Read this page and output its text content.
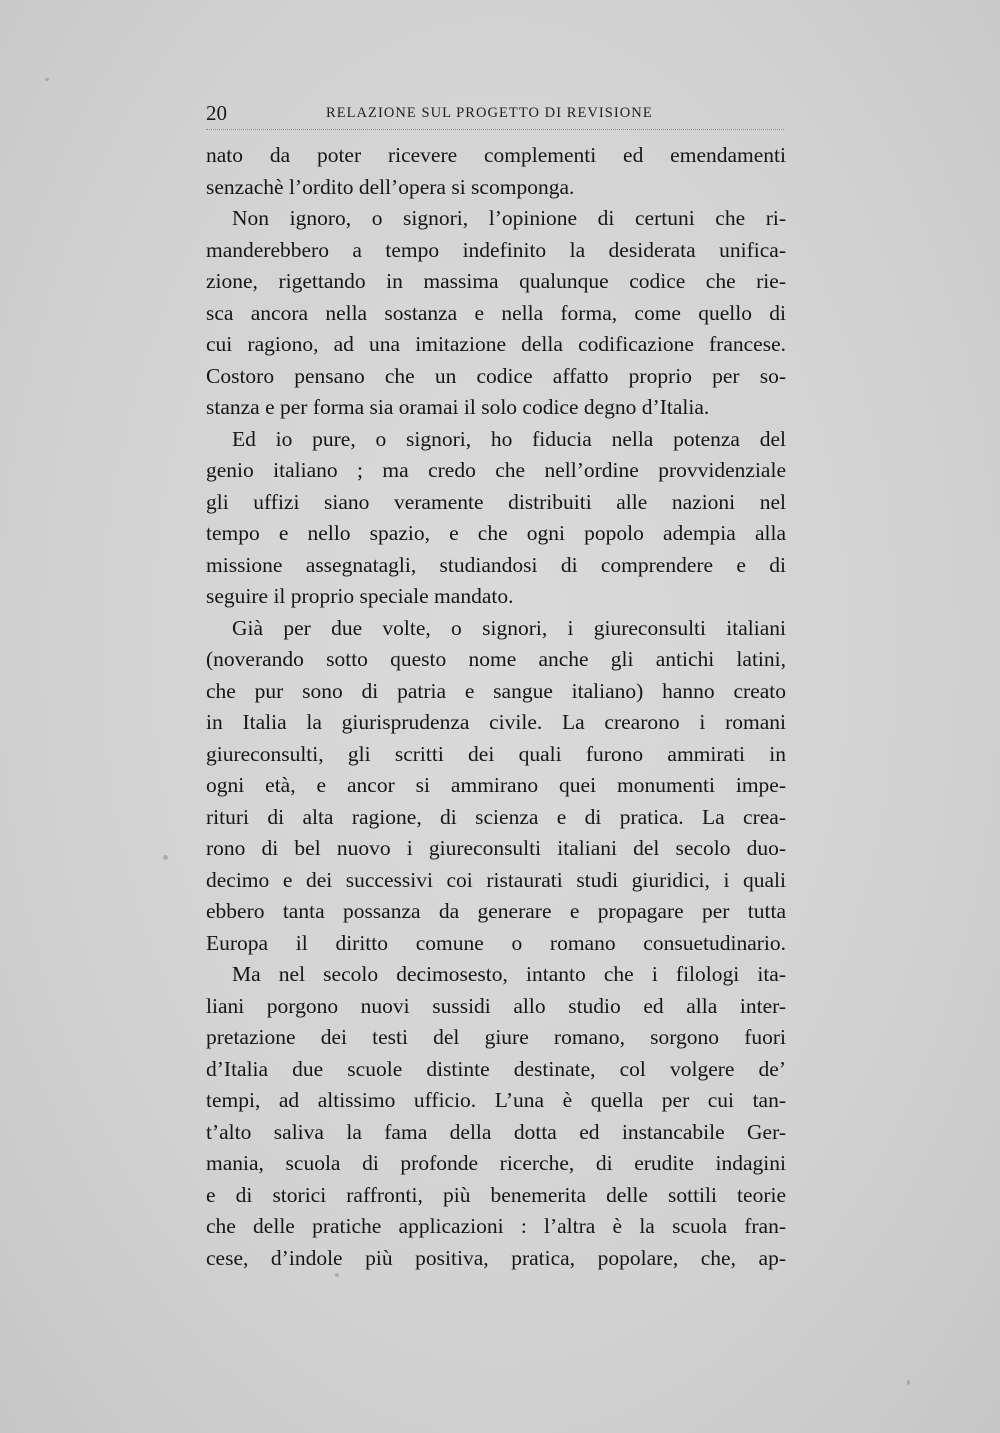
20	RELAZIONE SUL PROGETTO DI REVISIONE
nato da poter ricevere complementi ed emendamenti
senzachè l’ordito dell’opera si scomponga.
Non ignoro, o signori, l’opinione di certuni che ri-
manderebbero a tempo indefinito la desiderata unifica-
zione, rigettando in massima qualunque codice che rie-
sca ancora nella sostanza e nella forma, come quello di
cui ragiono, ad una imitazione della codificazione francese.
Costoro pensano che un codice affatto proprio per so-
stanza e per forma sia oramai il solo codice degno d’Italia.
Ed io pure, o signori, ho fiducia nella potenza del
genio italiano ; ma credo che nell’ordine provvidenziale
gli uffizi siano veramente distribuiti alle nazioni nel
tempo e nello spazio, e che ogni popolo adempia alla
missione assegnatagli, studiandosi di comprendere e di
seguire il proprio speciale mandato.
Già per due volte, o signori, i giureconsulti italiani
(noverando sotto questo nome anche gli antichi latini,
che pur sono di patria e sangue italiano) hanno creato
in Italia la giurisprudenza civile. La crearono i romani
giureconsulti, gli scritti dei quali furono ammirati in
ogni età, e ancor si ammirano quei monumenti impe-
rituri di alta ragione, di scienza e di pratica. La crea-
rono di bel nuovo i giureconsulti italiani del secolo duo-
decimo e dei successivi coi ristaurati studi giuridici, i quali
ebbero tanta possanza da generare e propagare per tutta
Europa il diritto comune o romano consuetudinario.
Ma nel secolo decimosesto, intanto che i filologi ita-
liani porgono nuovi sussidi allo studio ed alla inter-
pretazione dei testi del giure romano, sorgono fuori
d’Italia due scuole distinte destinate, col volgere de’
tempi, ad altissimo ufficio. L’una è quella per cui tan-
t’alto saliva la fama della dotta ed instancabile Ger-
mania, scuola di profonde ricerche, di erudite indagini
e di storici raffronti, più benemerita delle sottili teorie
che delle pratiche applicazioni : l’altra è la scuola fran-
cese, d’indole più positiva, pratica, popolare, che, ap-
